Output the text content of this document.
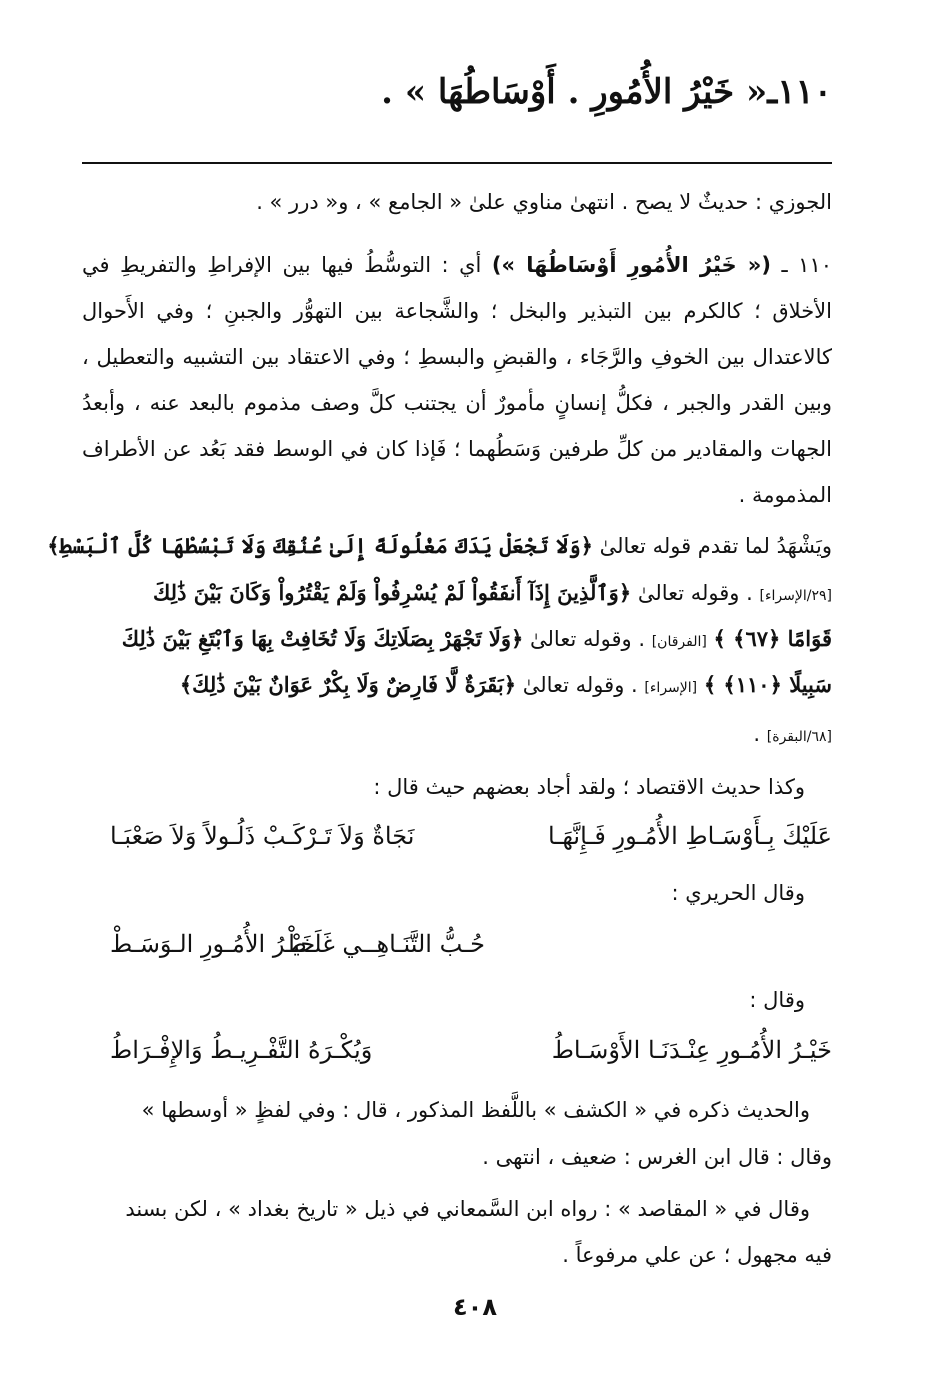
١١٠ـ« خَيْرُ الأُمُورِ . أَوْسَاطُهَا » .
الجوزي : حديثٌ لا يصح . انتهىٰ مناوي علىٰ « الجامع » ، و« درر » .
١١٠ ـ (« خَيْرُ الأُمُورِ أَوْسَاطُهَا ») أي : التوسُّطُ فيها بين الإفراطِ والتفريطِ في الأخلاق ؛ كالكرم بين التبذير والبخل ؛ والشَّجاعة بين التهوُّر والجبنِ ؛ وفي الأَحوال كالاعتدال بين الخوفِ والرَّجَاء ، والقبضِ والبسطِ ؛ وفي الاعتقاد بين التشبيه والتعطيل ، وبين القدر والجبر ، فكلُّ إنسانٍ مأمورٌ أن يجتنب كلَّ وصف مذموم بالبعد عنه ، وأبعدُ الجهات والمقادير من كلِّ طرفين وَسَطُهما ؛ فَإذا كان في الوسط فقد بَعُد عن الأطراف المذمومة .
ويَشْهَدُ لما تقدم قوله تعالىٰ ﴿وَلَا تَجْعَلْ يَدَكَ مَغْلُولَةً إِلَىٰ عُنُقِكَ وَلَا تَبْسُطْهَا كُلَّ ٱلْبَسْطِ﴾
[٢٩/الإسراء] . وقوله تعالىٰ ﴿وَٱلَّذِينَ إِذَآ أَنفَقُواْ لَمْ يُسْرِفُواْ وَلَمْ يَقْتُرُواْ وَكَانَ بَيْنَ ذَٰلِكَ
قَوَامًا ﴿٦٧﴾ ﴾ [الفرقان] . وقوله تعالىٰ ﴿وَلَا تَجْهَرْ بِصَلَاتِكَ وَلَا تُخَافِتْ بِهَا وَٱبْتَغِ بَيْنَ ذَٰلِكَ
سَبِيلًا ﴿١١٠﴾ ﴾ [الإسراء] . وقوله تعالىٰ ﴿بَقَرَةٌ لَّا فَارِضٌ وَلَا بِكْرٌ عَوَانٌ بَيْنَ ذَٰلِكَ﴾
[٦٨/البقرة] .
وكذا حديث الاقتصاد ؛ ولقد أجاد بعضهم حيث قال :
عَلَيْكَ بِـأَوْسَـاطِ الأُمُـورِ فَـإِنَّهَـا
نَجَاةٌ وَلاَ تَـرْكَـبْ ذَلُـولاً وَلاَ صَعْبَـا
وقال الحريري :
حُـبُّ التَّنَـاهِــي غَلَـطْ
خَيْـرُ الأُمُـورِ الـوَسَـطْ
وقال :
خَيْـرُ الأُمُـورِ عِنْـدَنَـا الأَوْسَـاطُ
وَيُكْـرَهُ التَّفْـرِيـطُ وَالإِفْـرَاطُ
والحديث ذكره في « الكشف » باللَّفظ المذكور ، قال : وفي لفظٍ « أوسطها »
وقال : قال ابن الغرس : ضعيف ، انتهى .
وقال في « المقاصد » : رواه ابن السَّمعاني في ذيل « تاريخ بغداد » ، لكن بسند
فيه مجهول ؛ عن علي مرفوعاً .
٤٠٨
